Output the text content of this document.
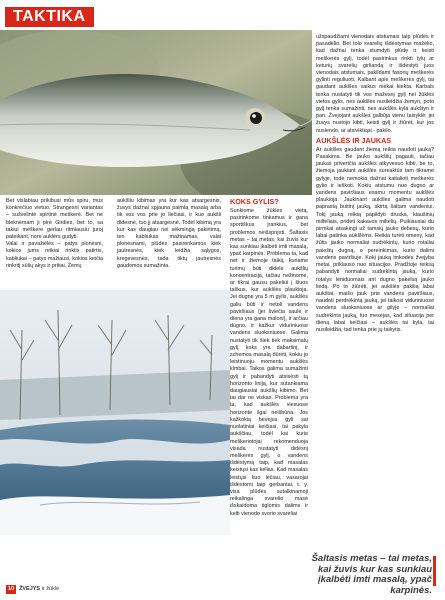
TAKTIKA

Bet vislabiau prikibusi mūs spiru, mus konkrečiuo vietuo. Strangesni variantas – sušvelintė spirtinė meškerė. Bet ne bleknėmam ji pirė Girdies, bet to, sa takiui meškere gerlau ritmiausiu juroj pateikant, nore auklėrs gudyti.

Valai ir pavažiėlės – patys plonėsni, kokios jums reikiai rinktis patirtis, kabliukai – patys mažiausi, kokios keičia rinkritį sūšų akys ir pritiai. Žemų

aukšliu kibimas yra kur kas atsargesnis, žuvys dažnai spjauna paimtą masalą arba tik vos vos prie jo liečiasi, ir kuo aukšli didesnė, tuo jį atsargesnė. Todėl kibimą yra kur kas daugiau nei sėkmingą pakirtimą, ten kabliukas mažinamas, valai plonėsnami, plūdės pasirenkamos kiek jautresnės, kiek leidžia sąlygos, kregevesnės, tada tiktų jautresnės gaudomos sumažinta.

KOKS GYLIS?

Sunkiome žūklės vietą, pasirinkome tinkamus ir gana sportiškus įrankius, bet problemos neišspręsti. Šaltasis metas – tai metas, kai žuvis kur kas sunkiau įkalbėti imti masalą, ypač karpinės. Problema ta, kad net ir žiemoje taikiį, kuriame turimų būti didelė aukšlių koncentracija, tačiau nežinome, ar tikrai gausu pakeliui į šiuos taškus, kur aukšlės plaukioja. Jei dugne yra 5 m gylis, aukšlės galiu būti ir netoli vandens paviršiaus (jei šviečia saulė ir diena yra gana maloni), ir arčiau dugno, ir kažkur viduriniuose vandens sluoksniuose. Galima nustatyti tik šiek tiek maksimalų gylį, koks yra dabartinį, ir schemos masalą dūrėti, kokiu jo leistinuoju momentu aukšlės kimbai. Taikos galima sumažinti gylį ir pabandyti atsisėsti tą horizonto liniją, kur sutankiama daugiausiai aukšlių kibimo. Bet tai dar ne viskas. Problema yra ta, kad aukšlės viesuose horizonte ilgai neišbūna. Jos kažkokią bevejus gyli sai nuolatiniai keičiasi, tai pakyla aukščiau, todėl kai kurie meškeriotojai rekomenduoja visada nustatyti didesnį meškerės gylį, o vandens išdėstymą taip, kad masalas keistųsi kas kelias. Kad masalas leistųsi kuo lėčiau, vasarojai išdėstomi taip gerbantai, t. y. visa plūdės sutalkinamoji reikalinga svarelio masė išskaidoma tiglomis dalims ir kelti vienodo svorio svareliai

užspaudžiami vienodais atstumais taip plūdės ir pasadėlio. Bet tolo svarelių išdėstymas mažėlio, kad dažnai tenka stumdyti plūdę ir keisti meškerės gylį, todėl pasirinkus rinkti tylų ar keturių svarelių girliandą ir išdėstyti juos vienodais atstumais, pakildami fasorių meškerės gylinti reguliuoti. Kalbant apie meškerės gylį, tai gaudant aukšles vaikus niekai kiekta. Karbais tenka nustatyti tik vos mažesnį gylį nei žūklės vietos gylis, nes aukšlės nusileidžia žemyn, poto gylį tenka sumažinti, nes aukšlės kyla aukštyn ir pan. Žvejojant aukšles galbūja vienu taisyklė: jei žuvys nustojo kibti, keisti gylį ir žiūrėt, kur jos nuslendo, ar atsiviktiąsi - pakilo.

AUKŠLĖS IR JAUKAS

Ar aukšles gaudant žiemą reikia naudoti jauką? Pasakima. Be jauko aukšlių pagauti, tačiau jaukas privertčia aukšles atkyvesuo kibti, be to, žiemoja jaukiant aukšlės sureaktūs tam tikrame gylyje, todė nemokia dažnai kaitalioti meškerės gylio ir ieškoti. Kokiu atstumu nuo dugno ar vandens paviršiaus esamu momentu aukšlės plaukioja. Jaukinant aukšles galima naudoti paprastą buitinį jauką, skirtą šaltam vandeniui. Tokį jauką reikią papildyti druska, kiaušinių milteliais, pridėti kakavos miltelių. Puikiausiai du pirmkai atsakingi už tamsių jauko debesų, kurio labai patinka aukšlėms. Reikia turėti omeny, kad žūtis jauko normaliai sudrėkintų, kurio rotaliai paieštų dugną, o pereinkimas, kurio dalimi vandens paviršiuje. Kokį jauką imkodės žvejyba metai, prikiauso nuo situacijos. Pradžioje reiksą pabandyti normaliai sudrėkintą jauką, kurio rotalys lėniduomais ant dugno pakelsą jauko liedą. Po to žiūrėti, jei aukšlės pakilią labai aukštai, maišo jauk prie vandens paviršiaus, naudoti perdrėkintą jauką, jei taikosi viduriniuose vandens sluoksniuose ar gilyje – normaliai sudrėkinta jauką, tuo mesėjas, kad situacija per dieną labai keičiasi – aukšlės tai kyla, tai nusileidžia, tad tenka prie jų taikytis.

Šaltasis metas – tai metas, kai žuvis kur kas sunkiau įkalbėti imti masalą, ypač karpinės.
10 ŽVEJYS ir žūklė
